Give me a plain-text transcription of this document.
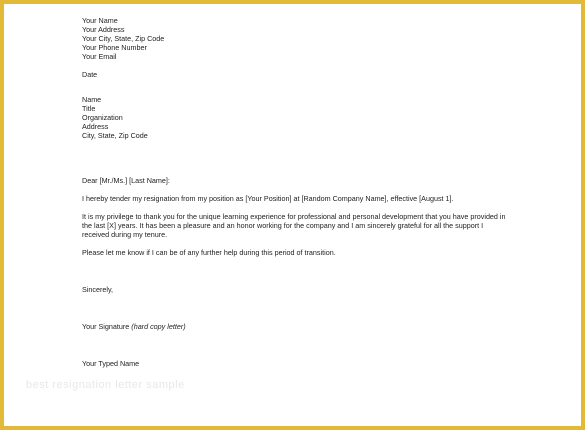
best resignation letter sample
Your Name
Your Address
Your City, State, Zip Code
Your Phone Number
Your Email
Date
Name
Title
Organization
Address
City, State, Zip Code
Dear [Mr./Ms.] [Last Name]:
I hereby tender my resignation from my position as [Your Position] at [Random Company Name], effective [August 1].
It is my privilege to thank you for the unique learning experience for professional and personal development that you have provided in the last [X] years. It has been a pleasure and an honor working for the company and I am sincerely grateful for all the support I received during my tenure.
Please let me know if I can be of any further help during this period of transition.
Sincerely,
Your Signature (hard copy letter)
Your Typed Name
